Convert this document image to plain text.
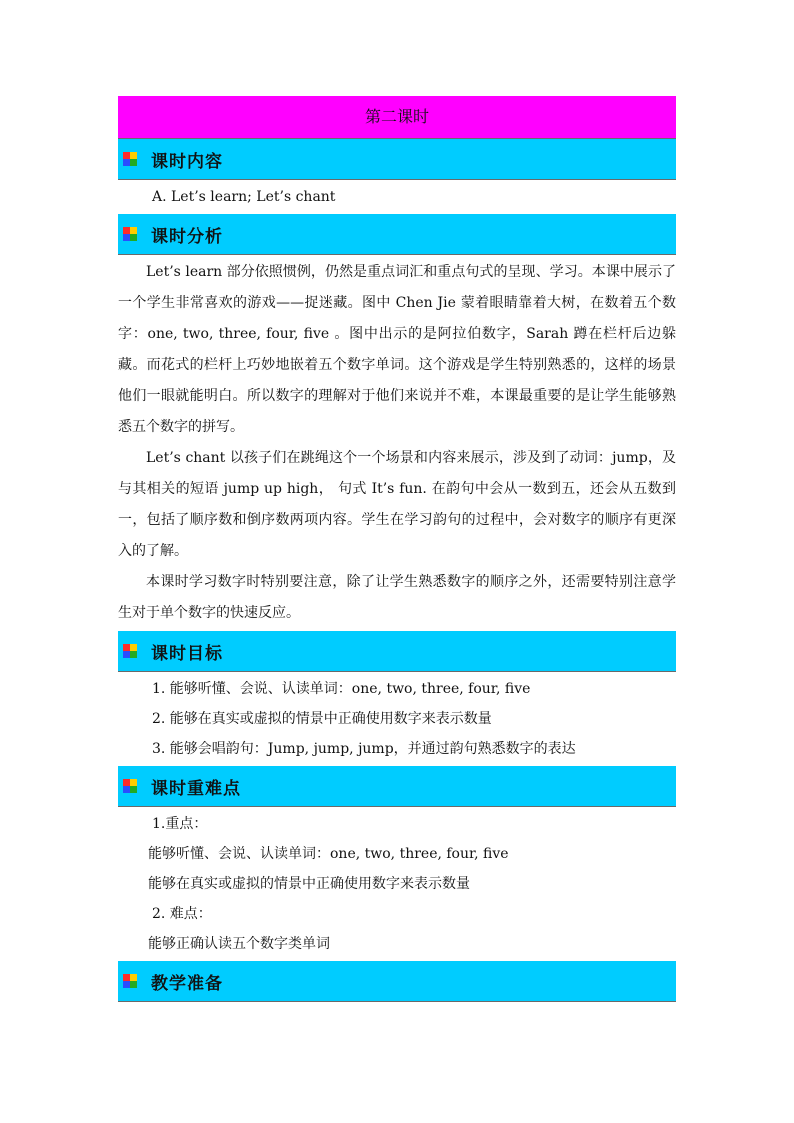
第二课时
课时内容
A. Let’s learn; Let’s chant
课时分析

Let’s learn 部分依照惯例，仍然是重点词汇和重点句式的呈现、学习。本课中展示了一个学生非常喜欢的游戏——捉迷藏。图中 Chen Jie 蒙着眼睛靠着大树，在数着五个数字：one, two, three, four, five 。图中出示的是阿拉伯数字，Sarah 蹲在栏杆后边躲藏。而花式的栏杆上巧妙地嵌着五个数字单词。这个游戏是学生特别熟悉的，这样的场景他们一眼就能明白。所以数字的理解对于他们来说并不难，本课最重要的是让学生能够熟悉五个数字的拼写。

Let’s chant 以孩子们在跳绳这个一个场景和内容来展示，涉及到了动词：jump，及与其相关的短语 jump up high， 句式 It’s fun. 在韵句中会从一数到五，还会从五数到一，包括了顺序数和倒序数两项内容。学生在学习韵句的过程中，会对数字的顺序有更深入的了解。

本课时学习数字时特别要注意，除了让学生熟悉数字的顺序之外，还需要特别注意学生对于单个数字的快速反应。

课时目标
1. 能够听懂、会说、认读单词：one, two, three, four, five
2. 能够在真实或虚拟的情景中正确使用数字来表示数量
3. 能够会唱韵句：Jump, jump, jump，并通过韵句熟悉数字的表达
课时重难点
1.重点：
能够听懂、会说、认读单词：one, two, three, four, five
能够在真实或虚拟的情景中正确使用数字来表示数量
2. 难点：
能够正确认读五个数字类单词
教学准备
